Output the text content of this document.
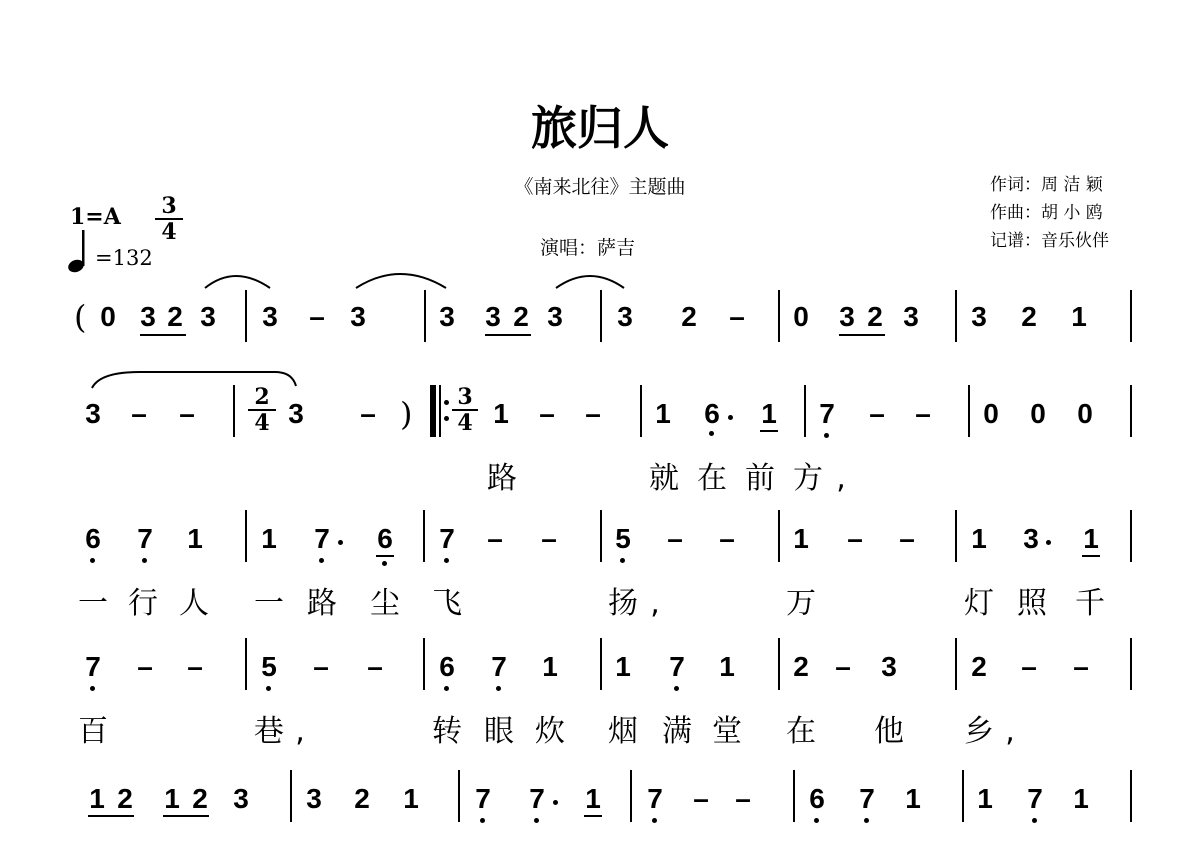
旅归人
《南来北往》主题曲
演唱：萨吉
作词：周 洁 颖
作曲：胡 小 鸥
记谱：音乐伙伴
1=A
=132
3
4
( 0 3 2 3 3 – 3	3 3 2 3 3 2 – 0 3 2 3 3 2 1
3 – –
2
4 3 – ) 3
4 1 – – 1 6 1 7 – – 0 0 0
路	就 在 前 方 ,
6 7 1 1 7 6 7 – – 5 – – 1 – – 1 3 1
一 行 人 一 路 尘 飞	扬 ,	万	灯 照 千
7 – – 5 – – 6 7 1 1 7 1 2 – 3	2 – –
百	巷 ,	转 眼 炊 烟 满 堂 在 他 乡 ,
1 2 1 2 3 3 2 1 7 7 1 7 – – 6 7 1 1 7 1
